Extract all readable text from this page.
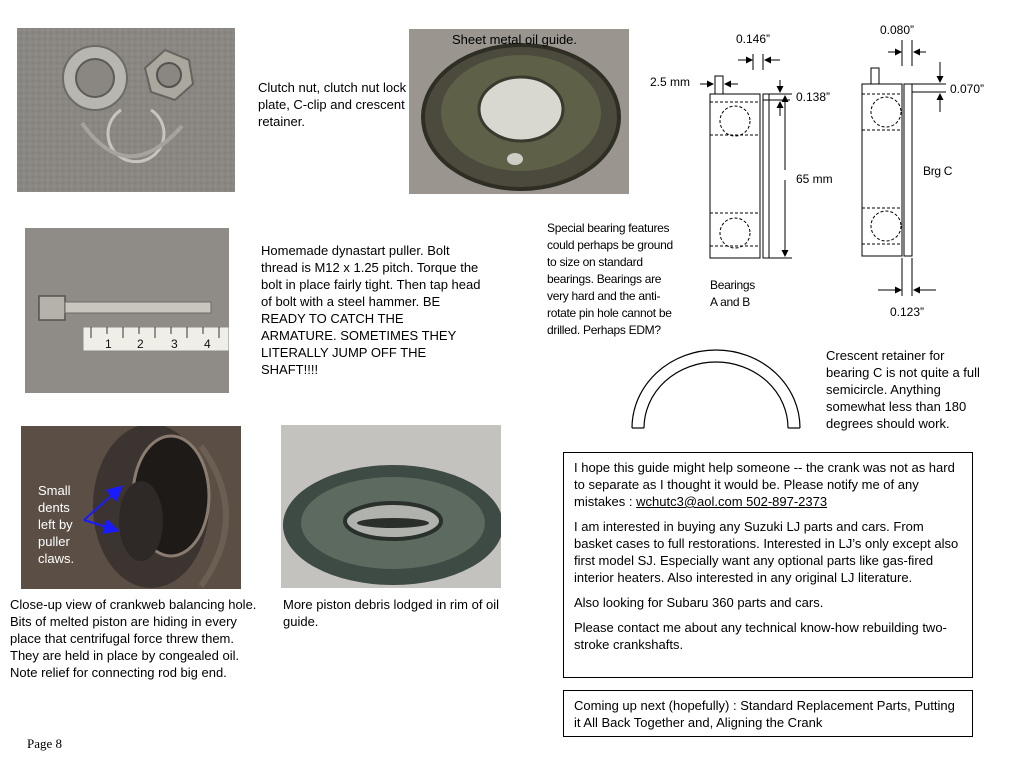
Clutch nut, clutch nut lock plate, C-clip and crescent retainer.
Sheet metal oil guide.
1 2 3 4
Homemade dynastart puller. Bolt thread is M12 x 1.25 pitch. Torque the bolt in place fairly tight. Then tap head of bolt with a steel hammer. BE READY TO CATCH THE ARMATURE. SOMETIMES THEY LITERALLY JUMP OFF THE SHAFT!!!!
Small dents left by puller claws.
Close-up view of crankweb balancing hole. Bits of melted piston are hiding in every place that centrifugal force threw them. They are held in place by congealed oil. Note relief for connecting rod big end.
More piston debris lodged in rim of oil guide.
0.146”
2.5 mm
0.138”
65 mm
Bearings A and B
0.080”
0.070”
Brg C
0.123”
Special bearing features could perhaps be ground to size on standard bearings. Bearings are very hard and the anti-rotate pin hole cannot be drilled. Perhaps EDM?
Crescent retainer for bearing C is not quite a full semicircle. Anything somewhat less than 180 degrees should work.

I hope this guide might help someone -- the crank was not as hard to separate as I thought it would be. Please notify me of any mistakes : wchutc3@aol.com 502-897-2373

I am interested in buying any Suzuki LJ parts and cars. From basket cases to full restorations. Interested in LJ’s only except also first model SJ. Especially want any optional parts like gas-fired interior heaters. Also interested in any original LJ literature.

Also looking for Subaru 360 parts and cars.

Please contact me about any technical know-how rebuilding two-stroke crankshafts.

Coming up next (hopefully) : Standard Replacement Parts, Putting it All Back Together and, Aligning the Crank
Page 8
